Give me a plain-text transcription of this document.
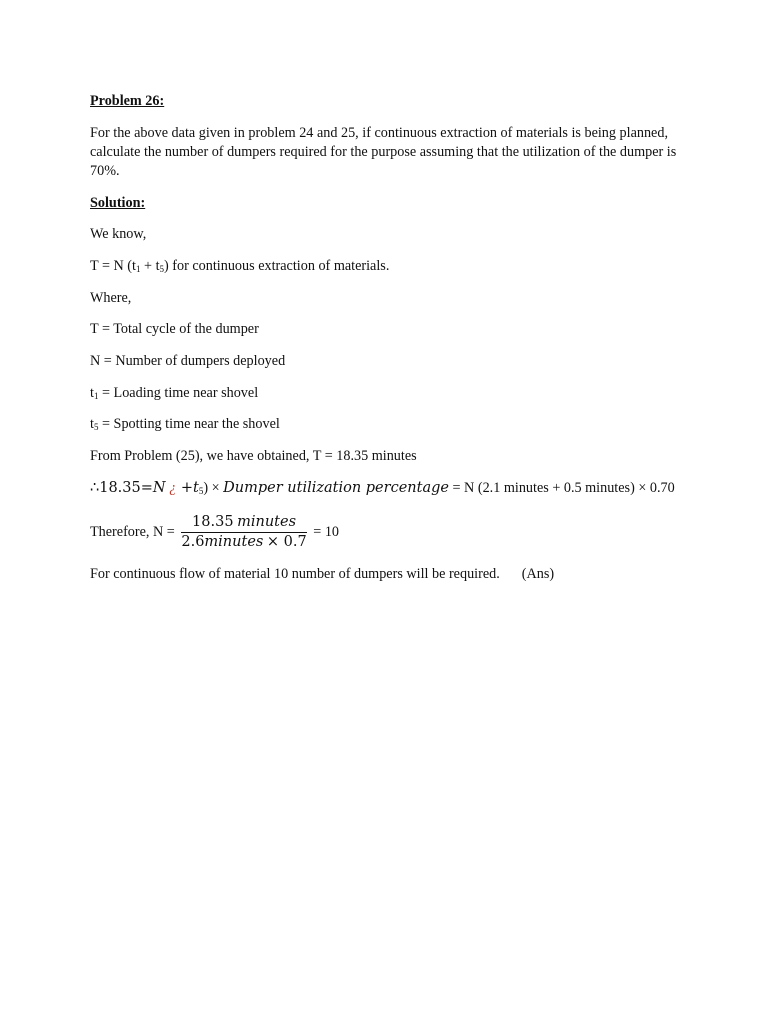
Problem 26:
For the above data given in problem 24 and 25, if continuous extraction of materials is being planned, calculate the number of dumpers required for the purpose assuming that the utilization of the dumper is 70%.
Solution:
We know,
T = N $(t_1 + t_5)$ for continuous extraction of materials.
Where,
T = Total cycle of the dumper
N = Number of dumpers deployed
$t_1$ = Loading time near shovel
$t_5$ = Spotting time near the shovel
From Problem (25), we have obtained, T = 18.35 minutes
∴18.35=N ¿ $+t_5$) × Dumper utilization percentage = N (2.1 minutes + 0.5 minutes) × 0.70
Therefore, $N = \frac{\text{18.35 minutes}}{\text{2.6minutes × 0.7}} = 10$
For continuous flow of material 10 number of dumpers will be required. (Ans)
